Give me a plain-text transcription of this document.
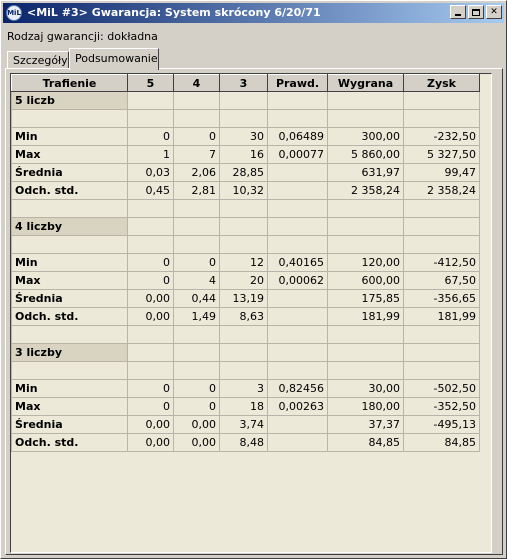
MiL <MiL #3> Gwarancja: System skrócony 6/20/71	✕
Rodzaj gwarancji: dokładna
Szczegóły Podsumowanie
Trafienie	5	4	3	Prawd.	Wygrana	Zysk
5 liczb						

Min	0	0	30	0,06489	300,00	-232,50
Max	1	7	16	0,00077	5 860,00	5 327,50
Średnia	0,03	2,06	28,85		631,97	99,47
Odch. std.	0,45	2,81	10,32		2 358,24	2 358,24

4 liczby						

Min	0	0	12	0,40165	120,00	-412,50
Max	0	4	20	0,00062	600,00	67,50
Średnia	0,00	0,44	13,19		175,85	-356,65
Odch. std.	0,00	1,49	8,63		181,99	181,99

3 liczby						

Min	0	0	3	0,82456	30,00	-502,50
Max	0	0	18	0,00263	180,00	-352,50
Średnia	0,00	0,00	3,74		37,37	-495,13
Odch. std.	0,00	0,00	8,48		84,85	84,85
